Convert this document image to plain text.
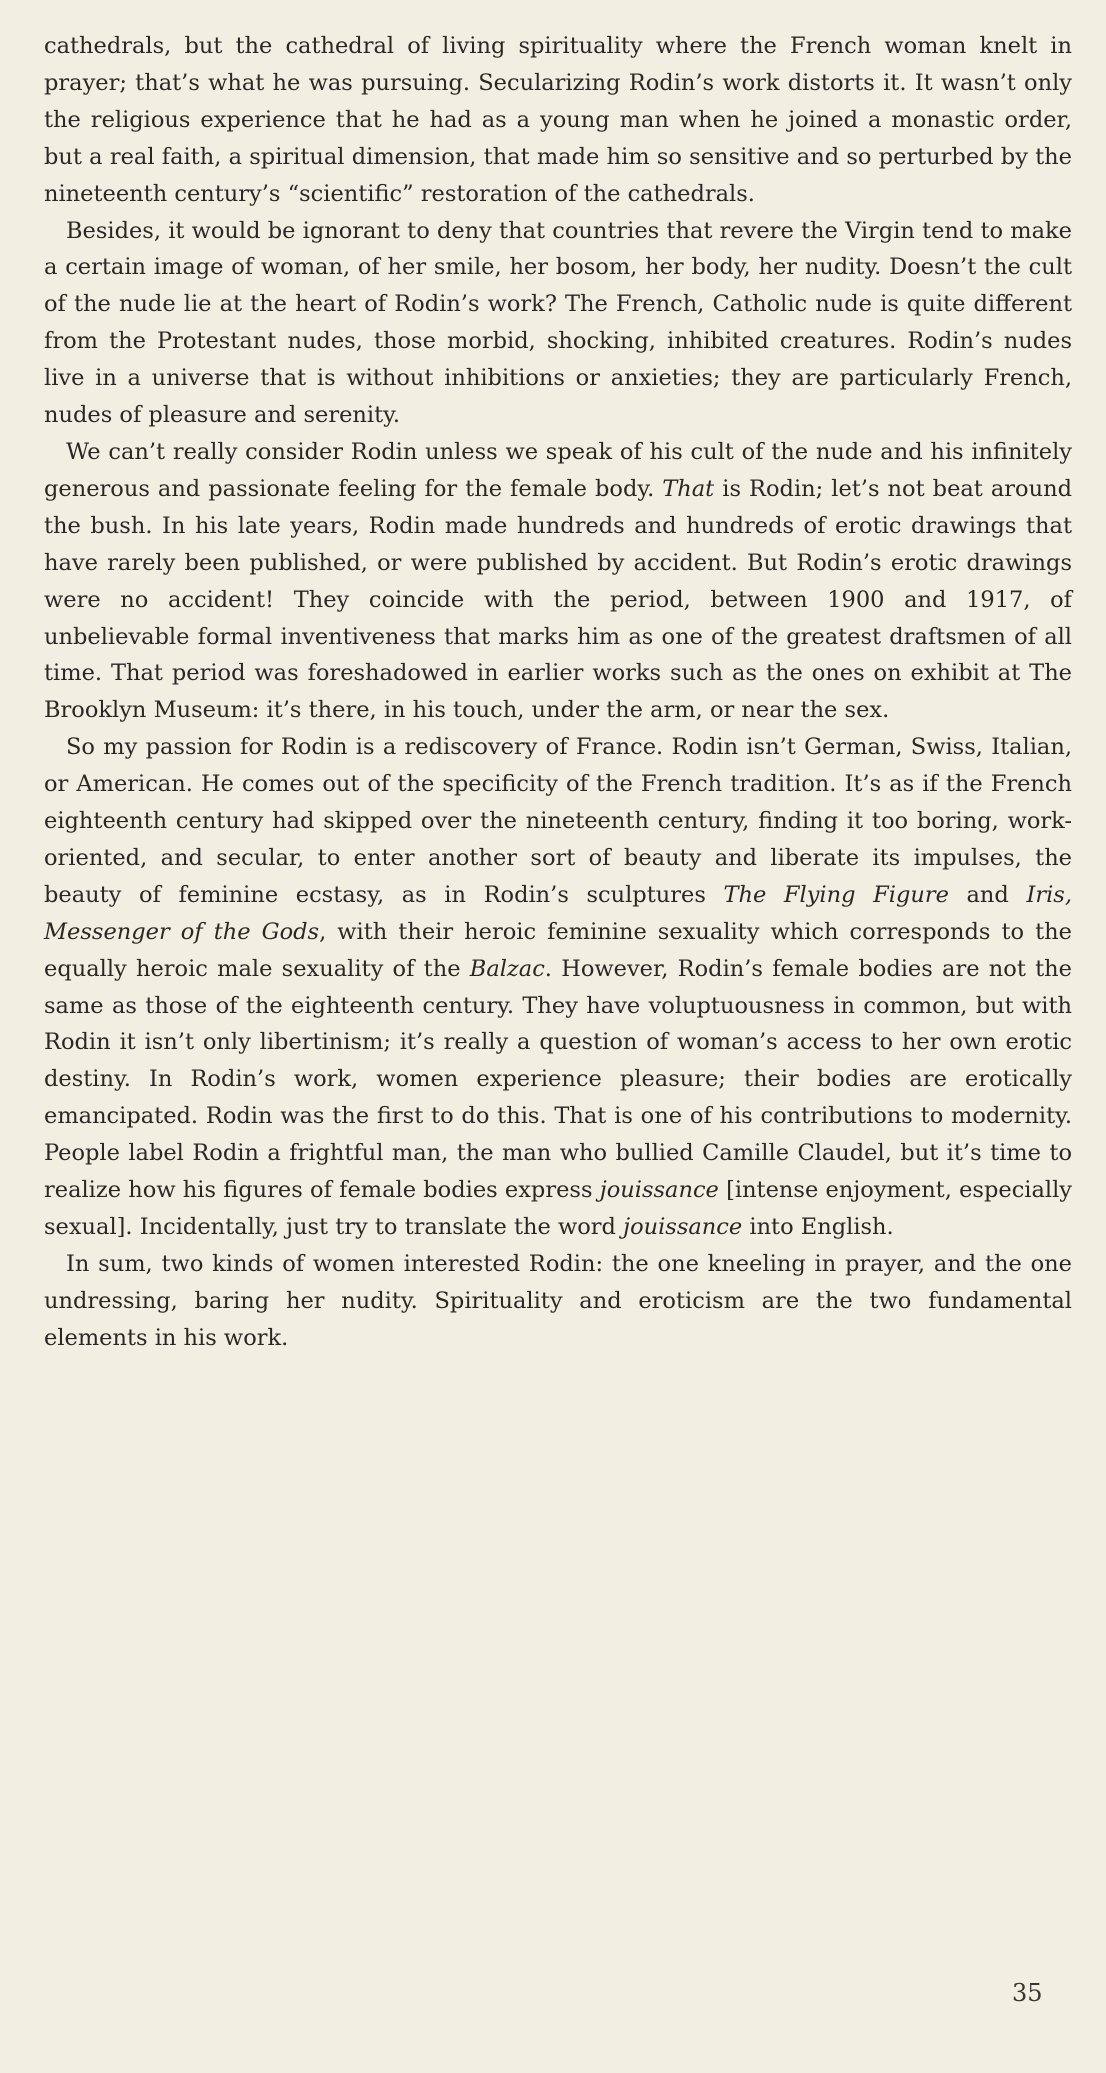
cathedrals, but the cathedral of living spirituality where the French woman knelt in prayer; that’s what he was pursuing. Secularizing Rodin’s work distorts it. It wasn’t only the religious experience that he had as a young man when he joined a monastic order, but a real faith, a spiritual dimension, that made him so sensitive and so perturbed by the nineteenth century’s “scientific” restoration of the cathedrals.

Besides, it would be ignorant to deny that countries that revere the Virgin tend to make a certain image of woman, of her smile, her bosom, her body, her nudity. Doesn’t the cult of the nude lie at the heart of Rodin’s work? The French, Catholic nude is quite different from the Protestant nudes, those morbid, shocking, inhibited creatures. Rodin’s nudes live in a universe that is without inhibitions or anxieties; they are particularly French, nudes of pleasure and serenity.

We can’t really consider Rodin unless we speak of his cult of the nude and his infinitely generous and passionate feeling for the female body. That is Rodin; let’s not beat around the bush. In his late years, Rodin made hundreds and hundreds of erotic drawings that have rarely been published, or were published by accident. But Rodin’s erotic drawings were no accident! They coincide with the period, between 1900 and 1917, of unbelievable formal inventiveness that marks him as one of the greatest draftsmen of all time. That period was foreshadowed in earlier works such as the ones on exhibit at The Brooklyn Museum: it’s there, in his touch, under the arm, or near the sex.

So my passion for Rodin is a rediscovery of France. Rodin isn’t German, Swiss, Italian, or American. He comes out of the specificity of the French tradition. It’s as if the French eighteenth century had skipped over the nineteenth century, finding it too boring, work-oriented, and secular, to enter another sort of beauty and liberate its impulses, the beauty of feminine ecstasy, as in Rodin’s sculptures The Flying Figure and Iris, Messenger of the Gods, with their heroic feminine sexuality which corresponds to the equally heroic male sexuality of the Balzac. However, Rodin’s female bodies are not the same as those of the eighteenth century. They have voluptuousness in common, but with Rodin it isn’t only libertinism; it’s really a question of woman’s access to her own erotic destiny. In Rodin’s work, women experience pleasure; their bodies are erotically emancipated. Rodin was the first to do this. That is one of his contributions to modernity. People label Rodin a frightful man, the man who bullied Camille Claudel, but it’s time to realize how his figures of female bodies express jouissance [intense enjoyment, especially sexual]. Incidentally, just try to translate the word jouissance into English.

In sum, two kinds of women interested Rodin: the one kneeling in prayer, and the one undressing, baring her nudity. Spirituality and eroticism are the two fundamental elements in his work.

35
